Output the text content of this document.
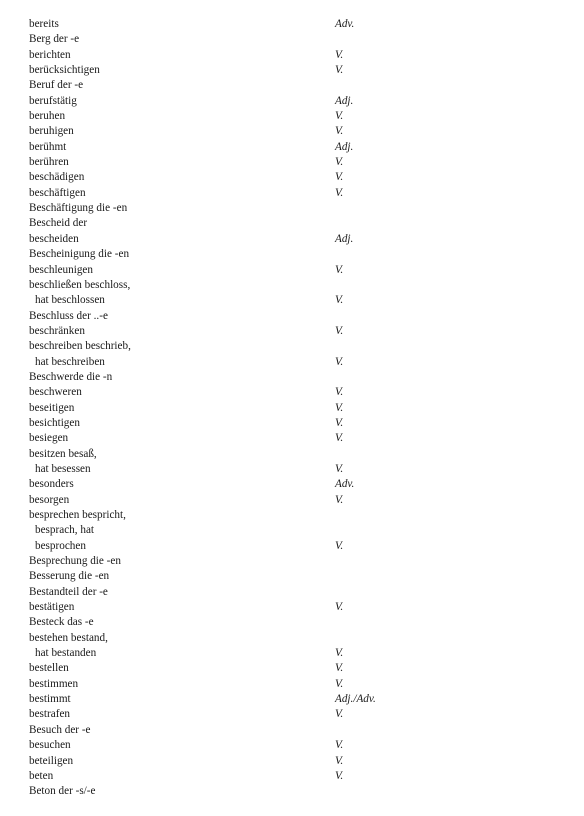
bereits	Adv.
Berg der -e
berichten	V.
berücksichtigen	V.
Beruf der -e
berufstätig	Adj.
beruhen	V.
beruhigen	V.
berühmt	Adj.
berühren	V.
beschädigen	V.
beschäftigen	V.
Beschäftigung die -en
Bescheid der
bescheiden	Adj.
Bescheinigung die -en
beschleunigen	V.
beschließen beschloss,
hat beschlossen	V.
Beschluss der ..-e
beschränken	V.
beschreiben beschrieb,
hat beschreiben	V.
Beschwerde die -n
beschweren	V.
beseitigen	V.
besichtigen	V.
besiegen	V.
besitzen besaß,
hat besessen	V.
besonders	Adv.
besorgen	V.
besprechen bespricht,
besprach, hat
besprochen	V.
Besprechung die -en
Besserung die -en
Bestandteil der -e
bestätigen	V.
Besteck das -e
bestehen bestand,
hat bestanden	V.
bestellen	V.
bestimmen	V.
bestimmt	Adj./Adv.
bestrafen	V.
Besuch der -e
besuchen	V.
beteiligen	V.
beten	V.
Beton der -s/-e
